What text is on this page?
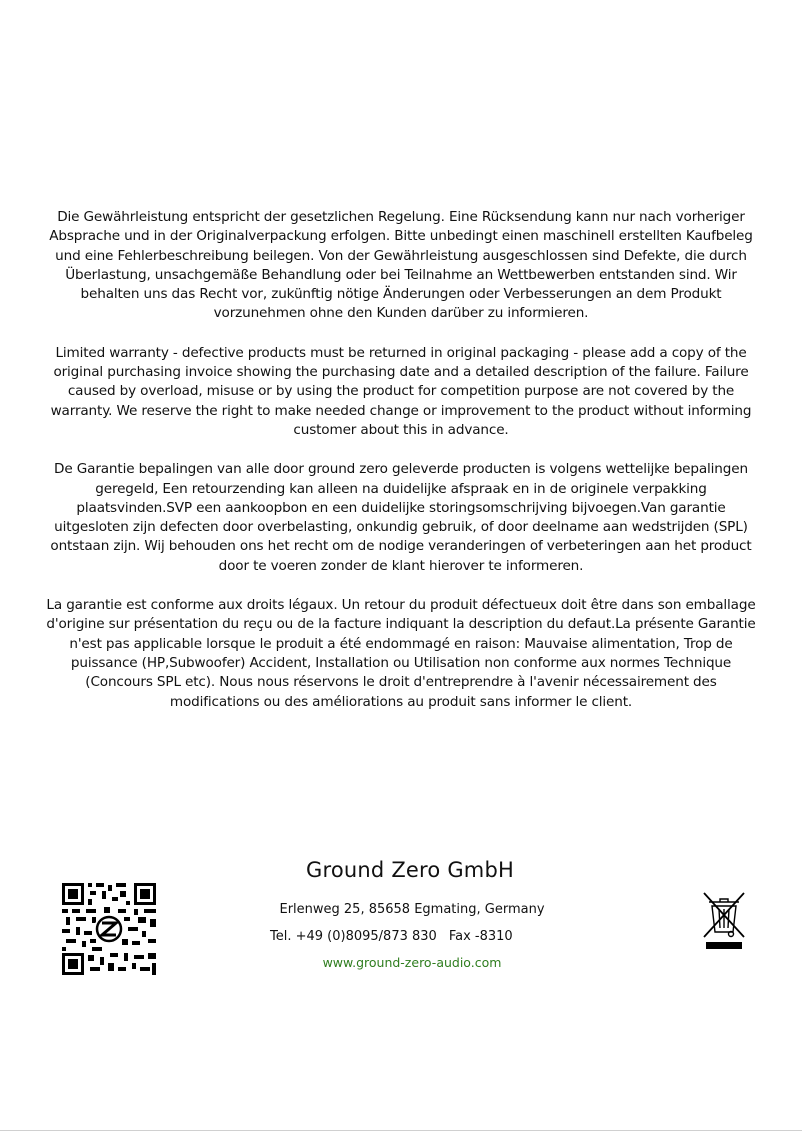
Die Gewährleistung entspricht der gesetzlichen Regelung. Eine Rücksendung kann nur nach vorheriger Absprache und in der Originalverpackung erfolgen. Bitte unbedingt einen maschinell erstellten Kaufbeleg und eine Fehlerbeschreibung beilegen. Von der Gewährleistung ausgeschlossen sind Defekte, die durch Überlastung, unsachgemäße Behandlung oder bei Teilnahme an Wettbewerben entstanden sind. Wir behalten uns das Recht vor, zukünftig nötige Änderungen oder Verbesserungen an dem Produkt vorzunehmen ohne den Kunden darüber zu informieren.

Limited warranty - defective products must be returned in original packaging - please add a copy of the original purchasing invoice showing the purchasing date and a detailed description of the failure. Failure caused by overload, misuse or by using the product for competition purpose are not covered by the warranty. We reserve the right to make needed change or improvement to the product without informing customer about this in advance.

De Garantie bepalingen van alle door ground zero geleverde producten is volgens wettelijke bepalingen geregeld, Een retourzending kan alleen na duidelijke afspraak en in de originele verpakking plaatsvinden.SVP een aankoopbon en een duidelijke storingsomschrijving bijvoegen.Van garantie uitgesloten zijn defecten door overbelasting, onkundig gebruik, of door deelname aan wedstrijden (SPL) ontstaan zijn. Wij behouden ons het recht om de nodige veranderingen of verbeteringen aan het product door te voeren zonder de klant hierover te informeren.

La garantie est conforme aux droits légaux. Un retour du produit défectueux doit être dans son emballage d'origine sur présentation du reçu ou de la facture indiquant la description du defaut.La présente Garantie n'est pas applicable lorsque le produit a été endommagé en raison: Mauvaise alimentation, Trop de puissance (HP,Subwoofer) Accident, Installation ou Utilisation non conforme aux normes Technique (Concours SPL etc). Nous nous réservons le droit d'entreprendre à l'avenir nécessairement des modifications ou des améliorations au produit sans informer le client.

Ground Zero GmbH
Erlenweg 25, 85658 Egmating, Germany
Tel. +49 (0)8095/873 830 Fax -8310
www.ground-zero-audio.com
